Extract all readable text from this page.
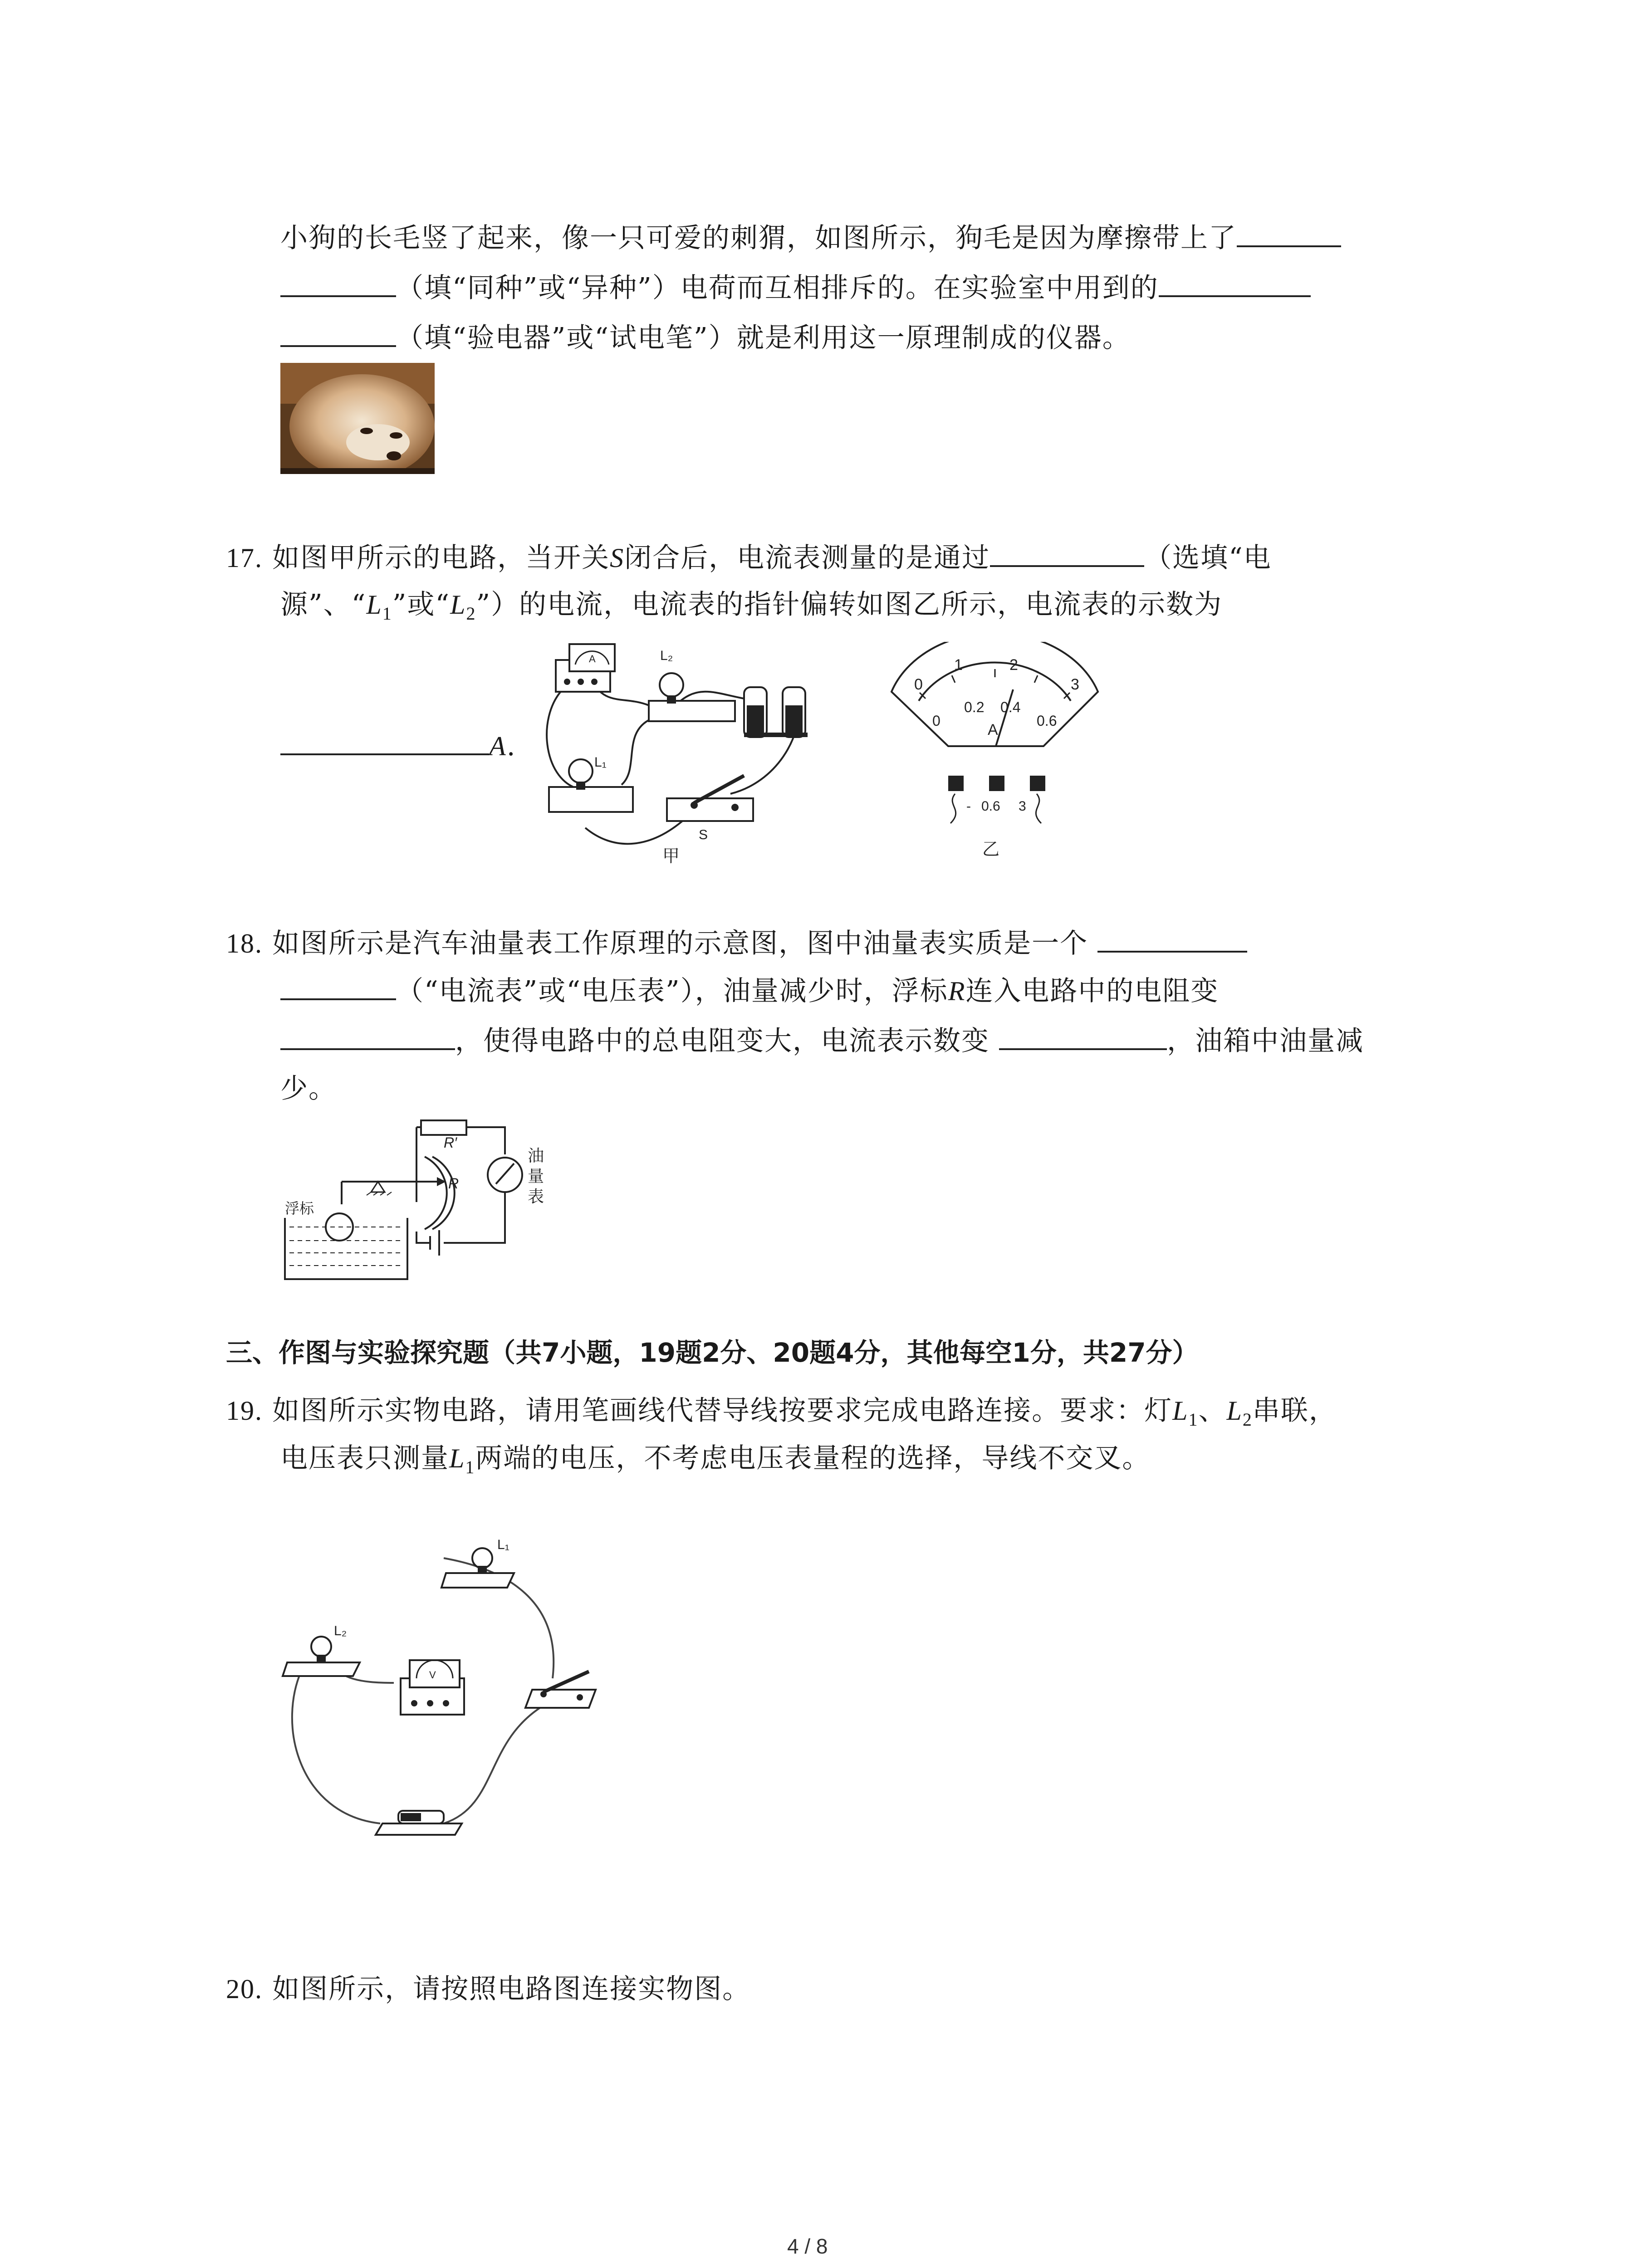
小狗的长毛竖了起来，像一只可爱的刺猬，如图所示，狗毛是因为摩擦带上了
（填“同种”或“异种”）电荷而互相排斥的。在实验室中用到的
（填“验电器”或“试电笔”）就是利用这一原理制成的仪器。
17. 如图甲所示的电路，当开关S闭合后，电流表测量的是通过	（选填“电
源”、“$L_1$”或“$L_2$”）的电流，电流表的指针偏转如图乙所示，电流表的示数为
A.
A	L₂
L₁
S
甲
0
1	2
3
0
0.2 0.4
0.6
A
- 0.6 3
乙
18. 如图所示是汽车油量表工作原理的示意图，图中油量表实质是一个
（“电流表”或“电压表”），油量减少时，浮标R连入电路中的电阻变
，使得电路中的总电阻变大，电流表示数变	，油箱中油量减
少。
R′
R
浮标
油
量
表
三、作图与实验探究题（共7小题，19题2分、20题4分，其他每空1分，共27分）
19. 如图所示实物电路，请用笔画线代替导线按要求完成电路连接。要求：灯$L_1$、$L_2$串联，
电压表只测量$L_1$两端的电压，不考虑电压表量程的选择，导线不交叉。
L₁
L₂
V
20. 如图所示，请按照电路图连接实物图。
4 / 8
